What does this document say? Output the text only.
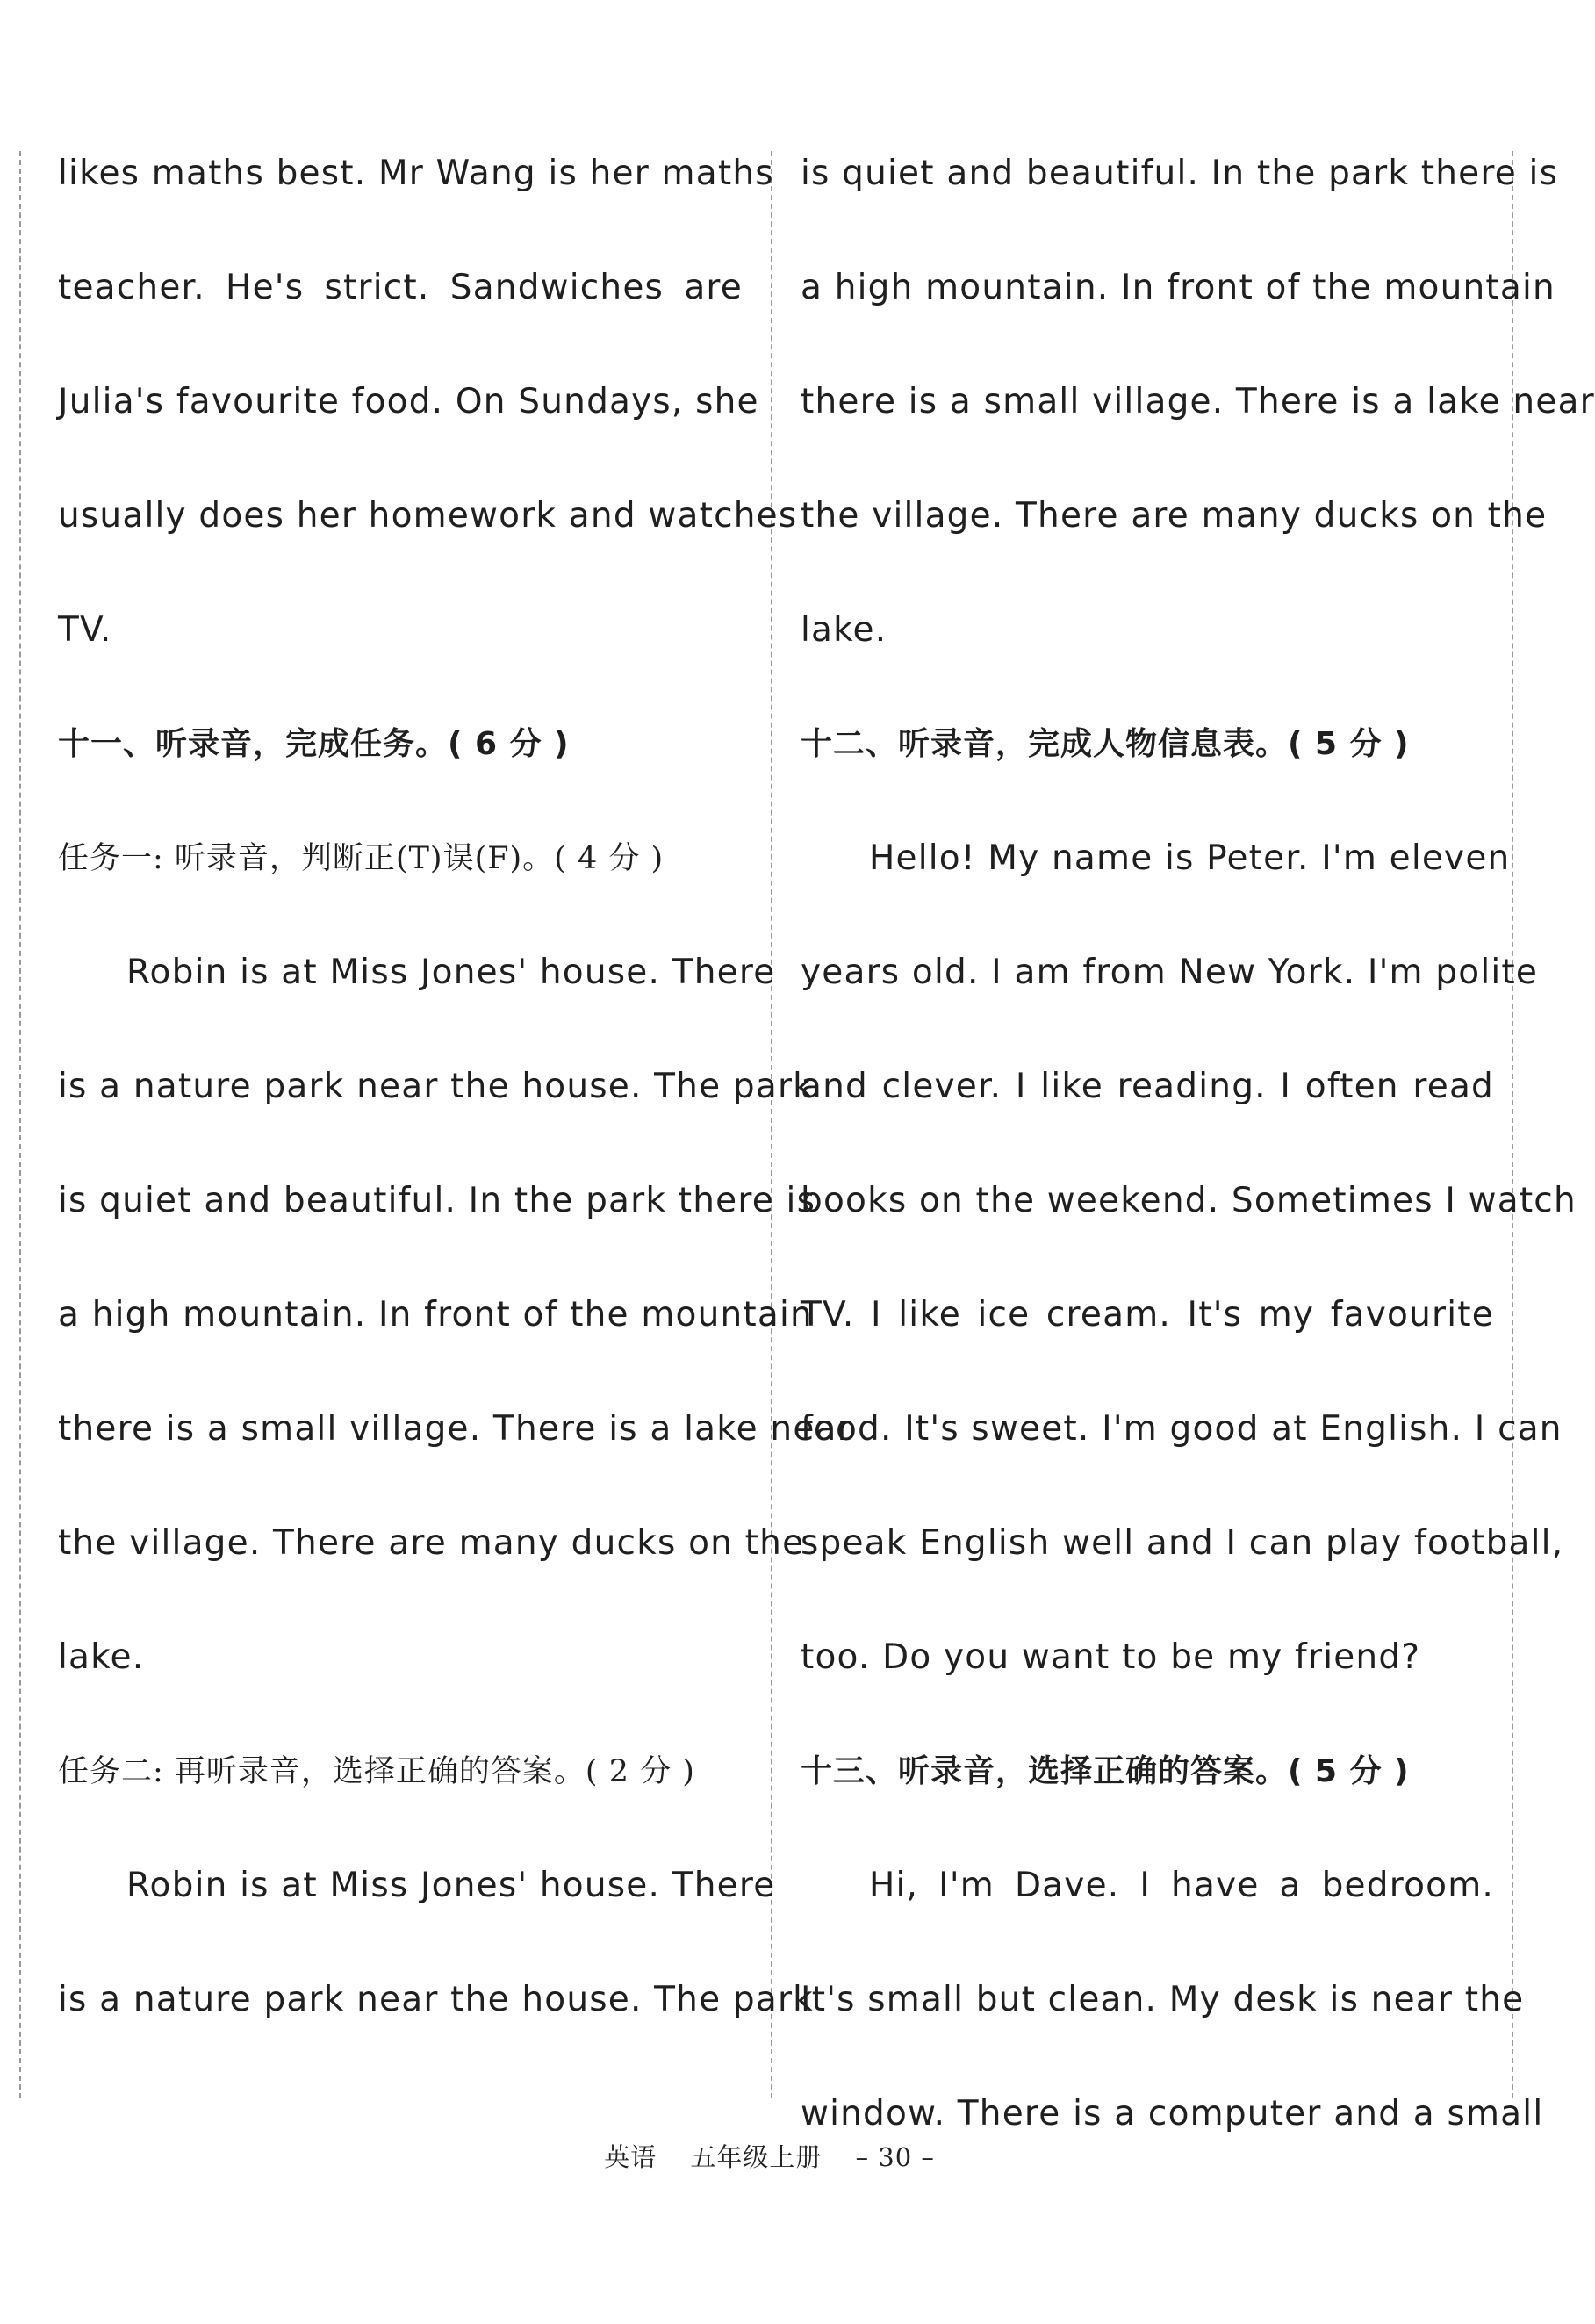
likes maths best. Mr Wang is her maths
teacher. He's strict. Sandwiches are
Julia's favourite food. On Sundays, she
usually does her homework and watches
TV.
十一、听录音，完成任务。( 6 分 )
任务一: 听录音，判断正(T)误(F)。( 4 分 )
Robin is at Miss Jones' house. There
is a nature park near the house. The park
is quiet and beautiful. In the park there is
a high mountain. In front of the mountain
there is a small village. There is a lake near
the village. There are many ducks on the
lake.
任务二: 再听录音，选择正确的答案。( 2 分 )
Robin is at Miss Jones' house. There
is a nature park near the house. The park
is quiet and beautiful. In the park there is
a high mountain. In front of the mountain
there is a small village. There is a lake near
the village. There are many ducks on the
lake.
十二、听录音，完成人物信息表。( 5 分 )
Hello! My name is Peter. I'm eleven
years old. I am from New York. I'm polite
and clever. I like reading. I often read
books on the weekend. Sometimes I watch
TV. I like ice cream. It's my favourite
food. It's sweet. I'm good at English. I can
speak English well and I can play football,
too. Do you want to be my friend?
十三、听录音，选择正确的答案。( 5 分 )
Hi, I'm Dave. I have a bedroom.
It's small but clean. My desk is near the
window. There is a computer and a small
英语 五年级上册 – 30 –
